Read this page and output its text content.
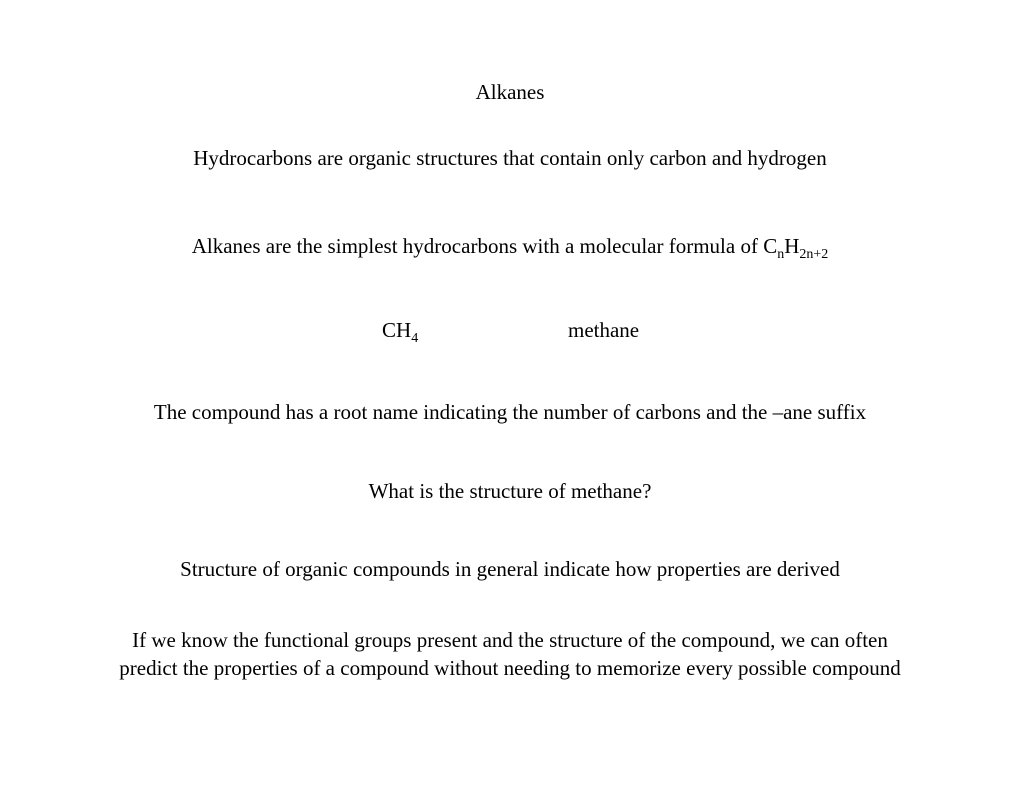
Alkanes
Hydrocarbons are organic structures that contain only carbon and hydrogen
Alkanes are the simplest hydrocarbons with a molecular formula of $C_nH_{2n+2}$
$CH_4$	methane
The compound has a root name indicating the number of carbons and the –ane suffix
What is the structure of methane?
Structure of organic compounds in general indicate how properties are derived
If we know the functional groups present and the structure of the compound, we can often
predict the properties of a compound without needing to memorize every possible compound
